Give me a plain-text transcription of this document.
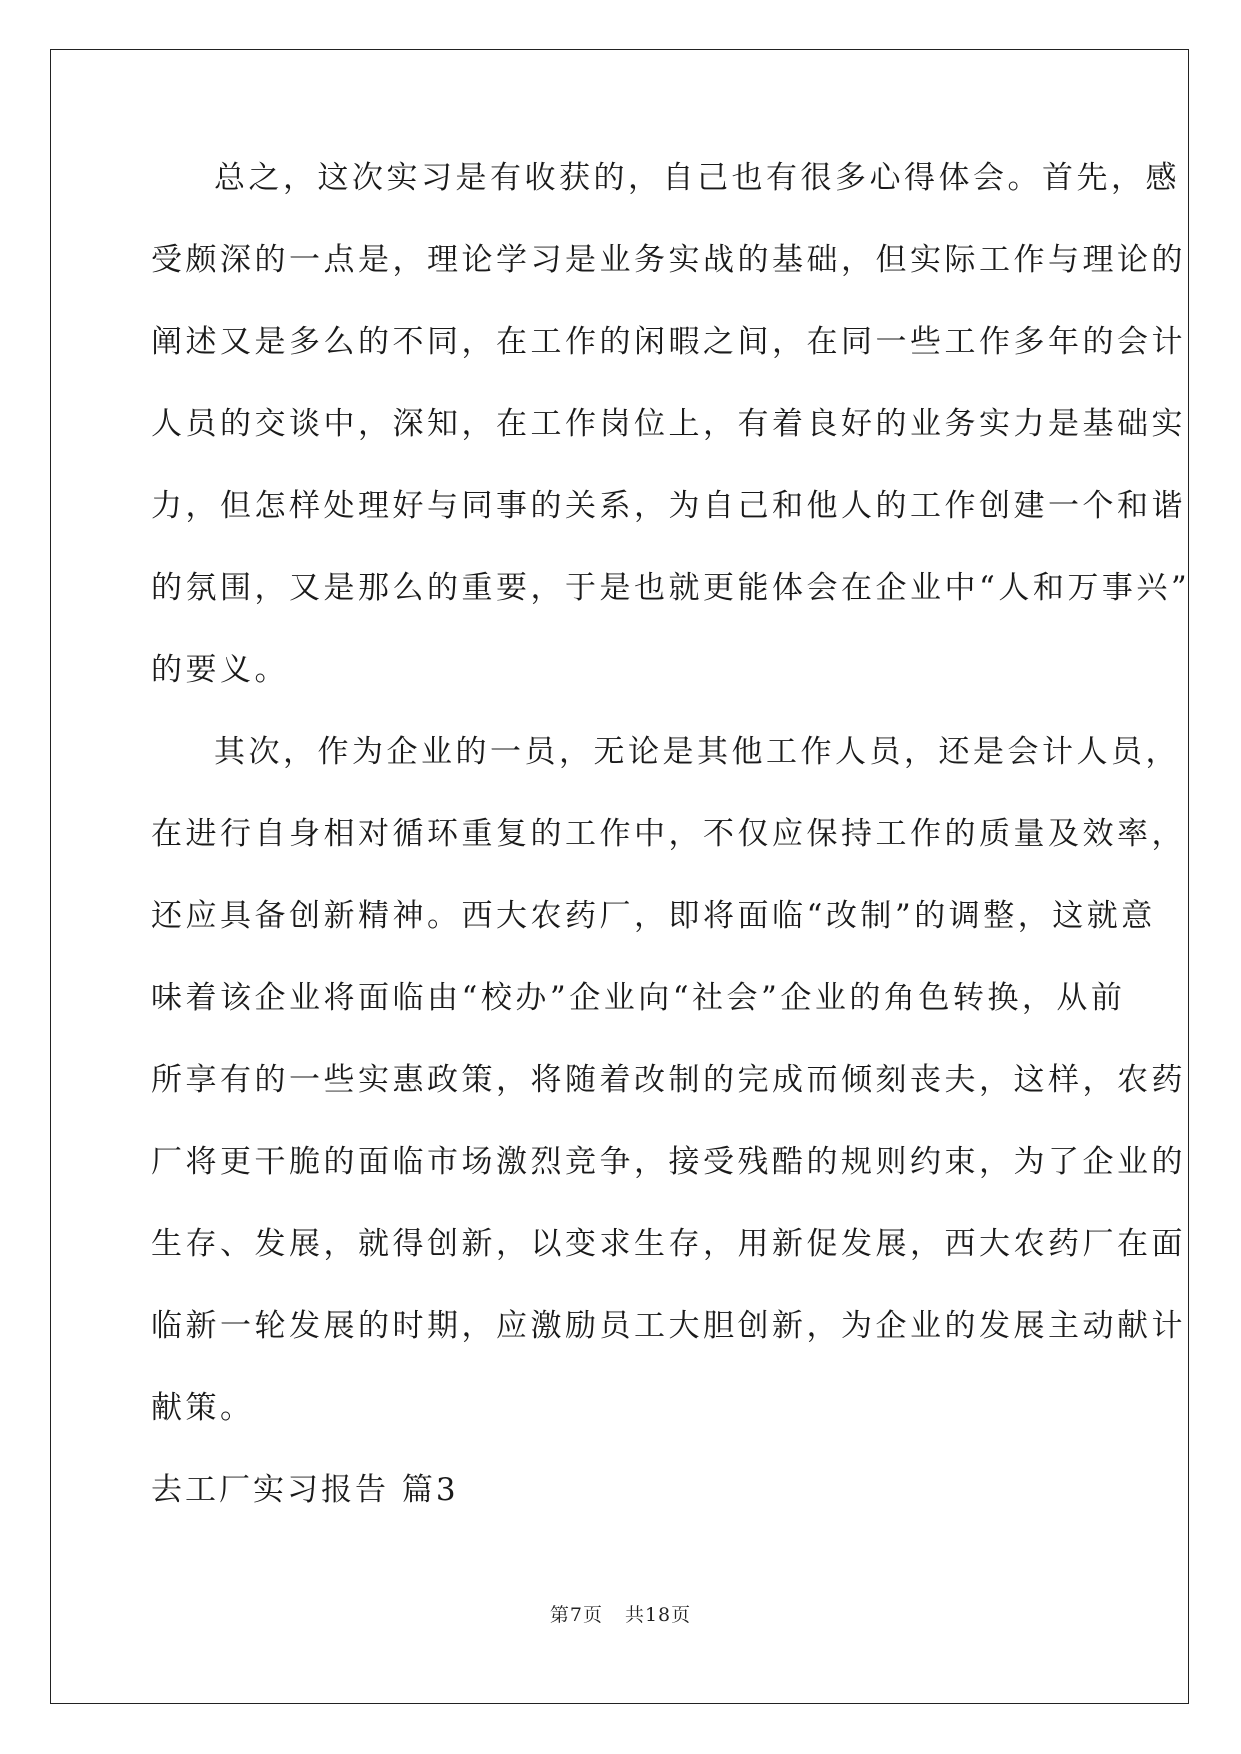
总之，这次实习是有收获的，自己也有很多心得体会。首先，感
受颇深的一点是，理论学习是业务实战的基础，但实际工作与理论的
阐述又是多么的不同，在工作的闲暇之间，在同一些工作多年的会计
人员的交谈中，深知，在工作岗位上，有着良好的业务实力是基础实
力，但怎样处理好与同事的关系，为自己和他人的工作创建一个和谐
的氛围，又是那么的重要，于是也就更能体会在企业中“人和万事兴”
的要义。
其次，作为企业的一员，无论是其他工作人员，还是会计人员，
在进行自身相对循环重复的工作中，不仅应保持工作的质量及效率，
还应具备创新精神。西大农药厂，即将面临“改制”的调整，这就意
味着该企业将面临由“校办”企业向“社会”企业的角色转换，从前
所享有的一些实惠政策，将随着改制的完成而倾刻丧夫，这样，农药
厂将更干脆的面临市场激烈竞争，接受残酷的规则约束，为了企业的
生存、发展，就得创新，以变求生存，用新促发展，西大农药厂在面
临新一轮发展的时期，应激励员工大胆创新，为企业的发展主动献计
献策。
去工厂实习报告 篇3
第7页 共18页
